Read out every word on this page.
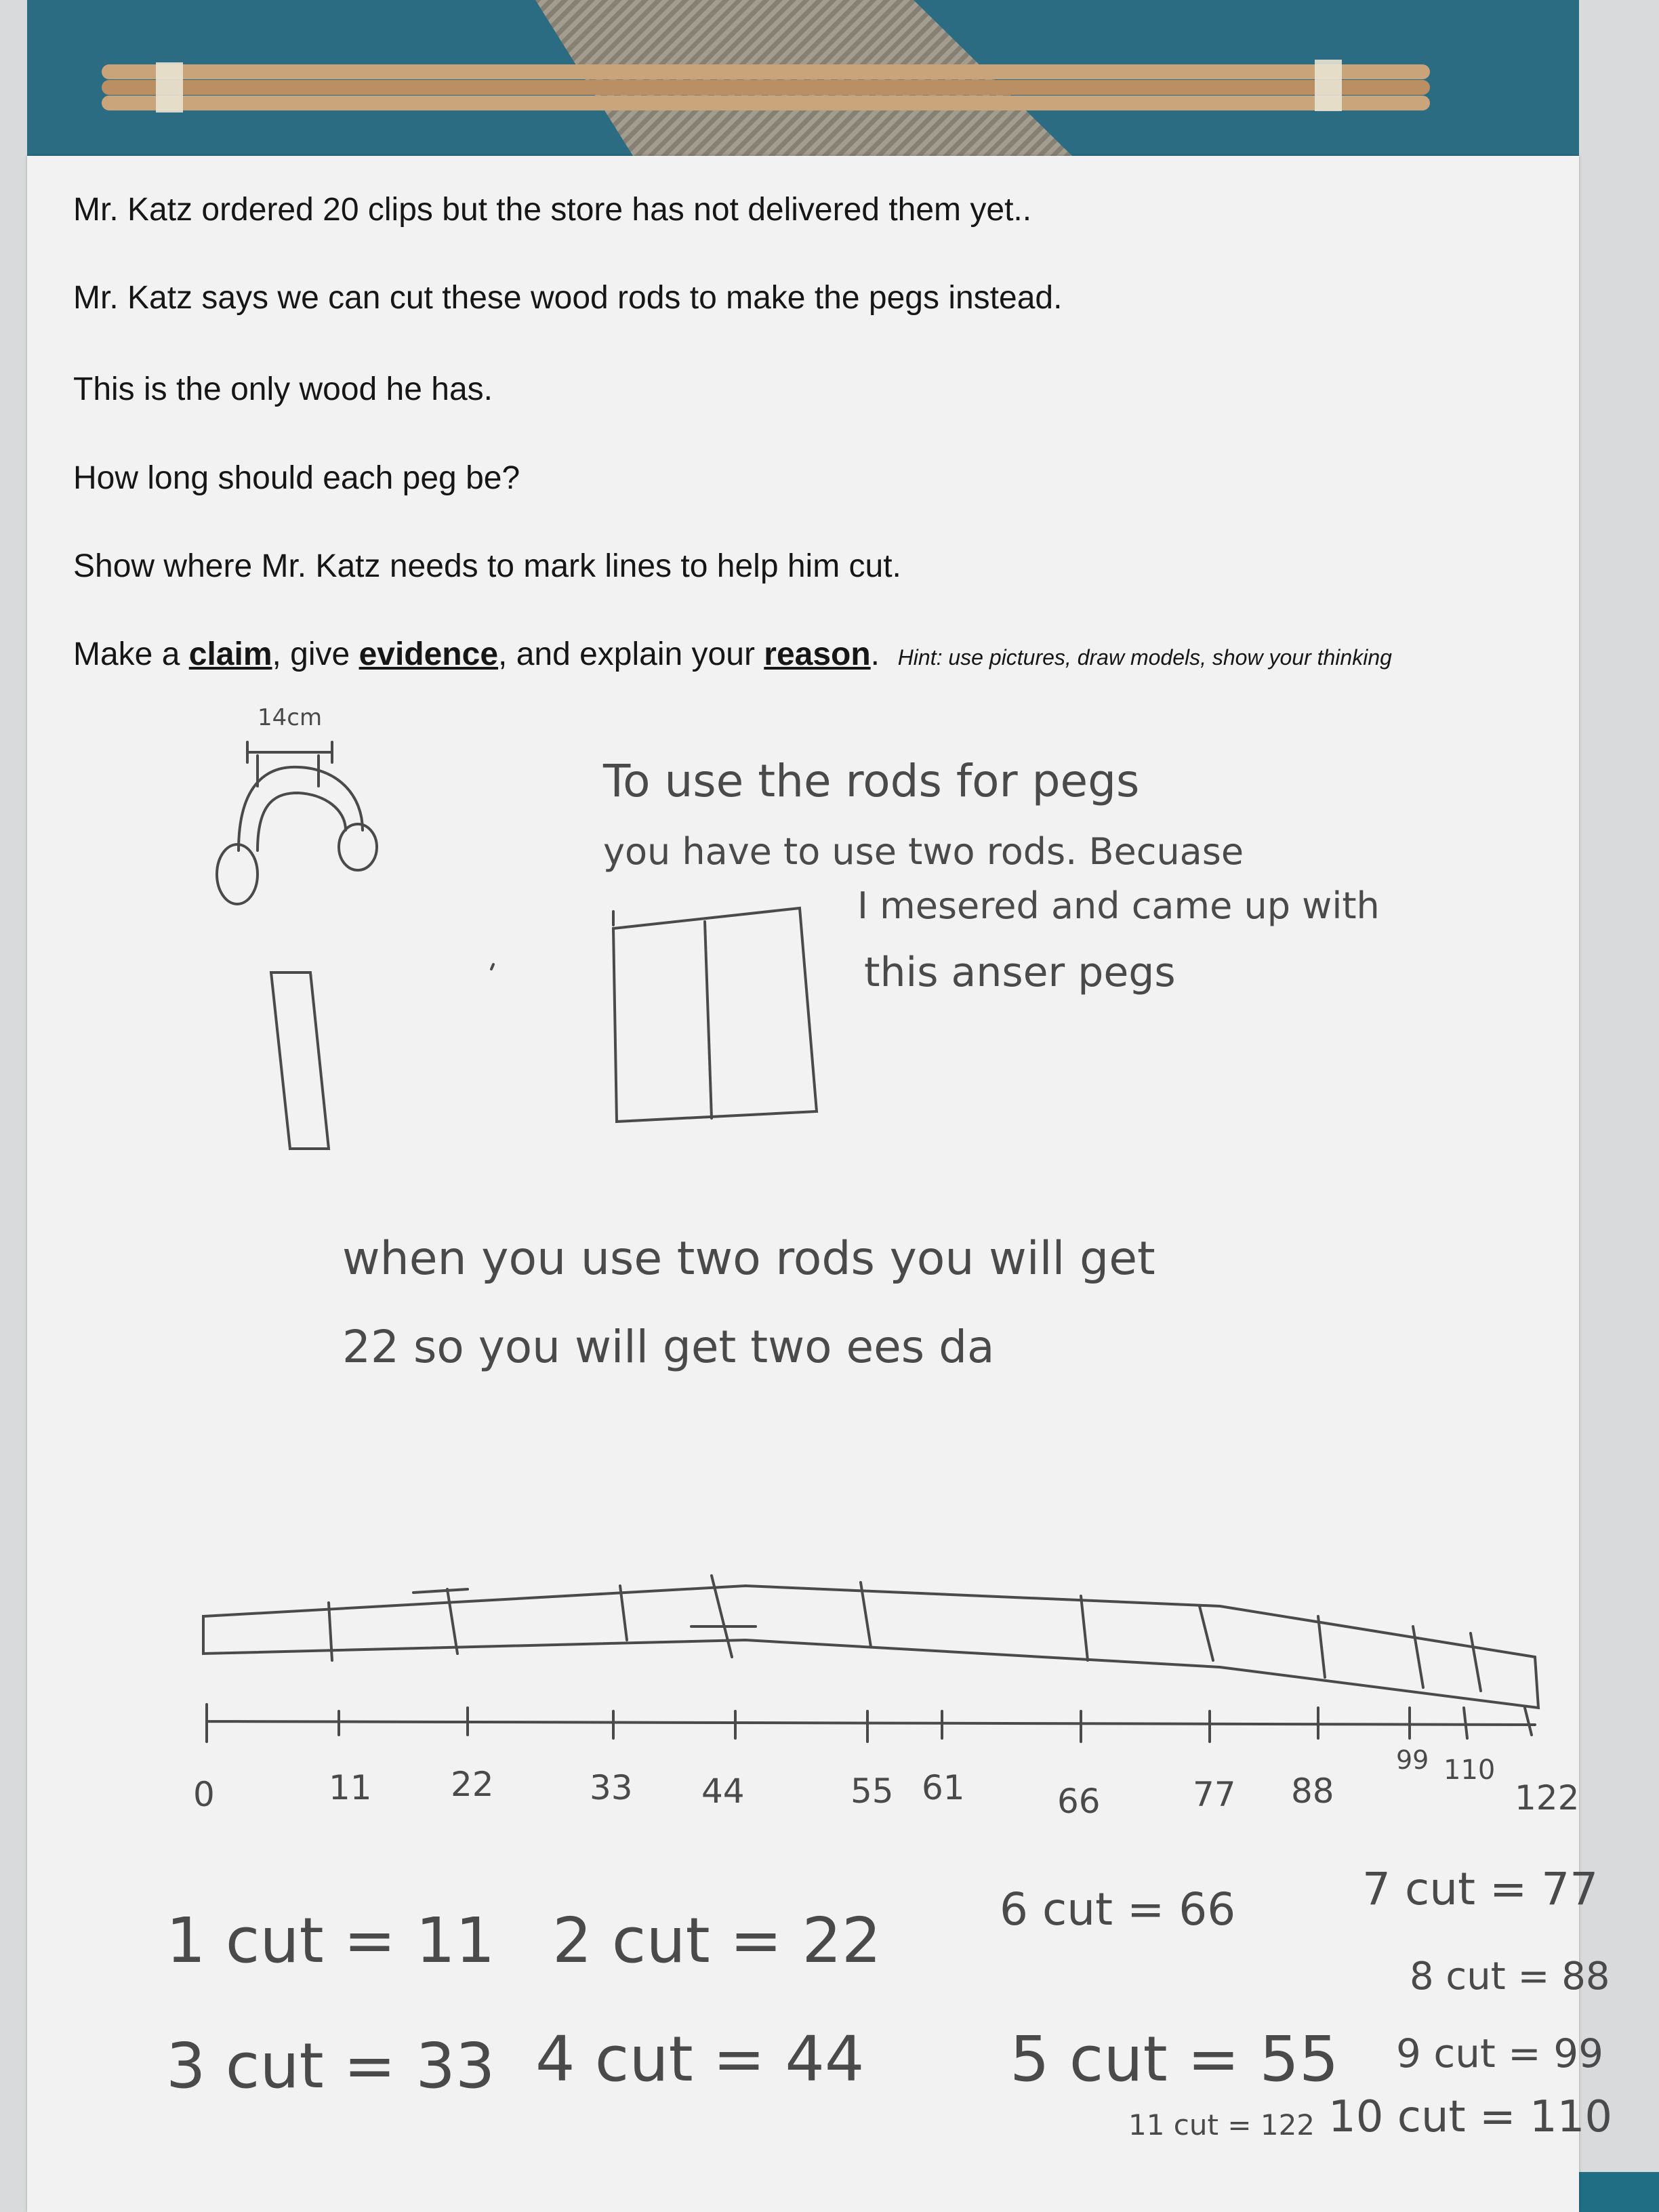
Mr. Katz ordered 20 clips but the store has not delivered them yet..
Mr. Katz says we can cut these wood rods to make the pegs instead.
This is the only wood he has.
How long should each peg be?
Show where Mr. Katz needs to mark lines to help him cut.
Make a claim, give evidence, and explain your reason. Hint: use pictures, draw models, show your thinking
14cm
To use the rods for pegs
you have to use two rods. Becuase
I mesered and came up with
this anser pegs
when you use two rods you will get
22 so you will get two ees da
0	11 22	33 44	55 61	66	77 88
99 110
122
1 cut = 11 2 cut = 22	6 cut = 66	7 cut = 77
8 cut = 88
3 cut = 33 4 cut = 44 5 cut = 55 9 cut = 99
11 cut = 122 10 cut = 110
